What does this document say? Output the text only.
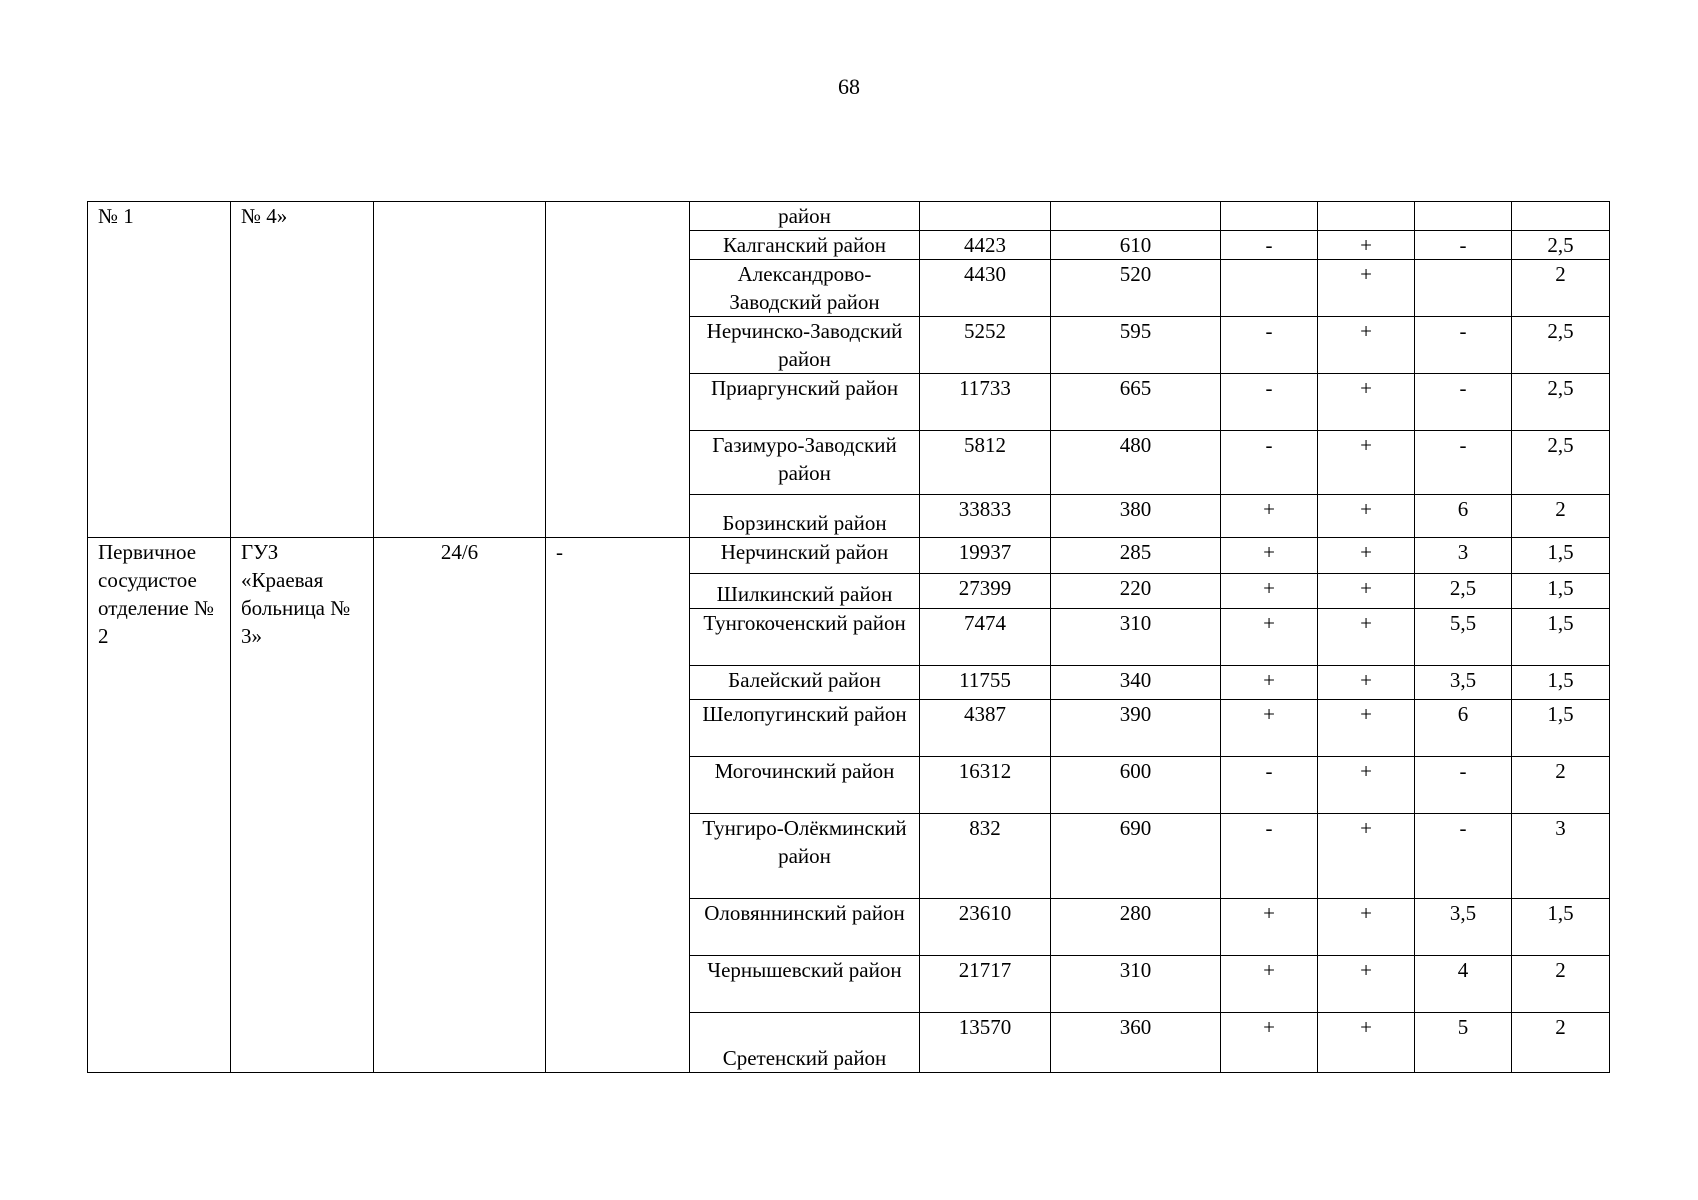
68
№ 1	№ 4»			район						
				Калганский район	4423	610	-	+	-	2,5
				Александрово-Заводский район	4430	520		+		2
				Нерчинско-Заводский район	5252	595	-	+	-	2,5
				Приаргунский район	11733	665	-	+	-	2,5
				Газимуро-Заводский район	5812	480	-	+	-	2,5
				Борзинский район	33833	380	+	+	6	2
Первичное сосудистое отделение № 2	ГУЗ «Краевая больница № 3»	24/6	-	Нерчинский район	19937	285	+	+	3	1,5
				Шилкинский район	27399	220	+	+	2,5	1,5
				Тунгокоченский район	7474	310	+	+	5,5	1,5
				Балейский район	11755	340	+	+	3,5	1,5
				Шелопугинский район	4387	390	+	+	6	1,5
				Могочинский район	16312	600	-	+	-	2
				Тунгиро-Олёкминский район	832	690	-	+	-	3
				Оловяннинский район	23610	280	+	+	3,5	1,5
				Чернышевский район	21717	310	+	+	4	2
				Сретенский район	13570	360	+	+	5	2
